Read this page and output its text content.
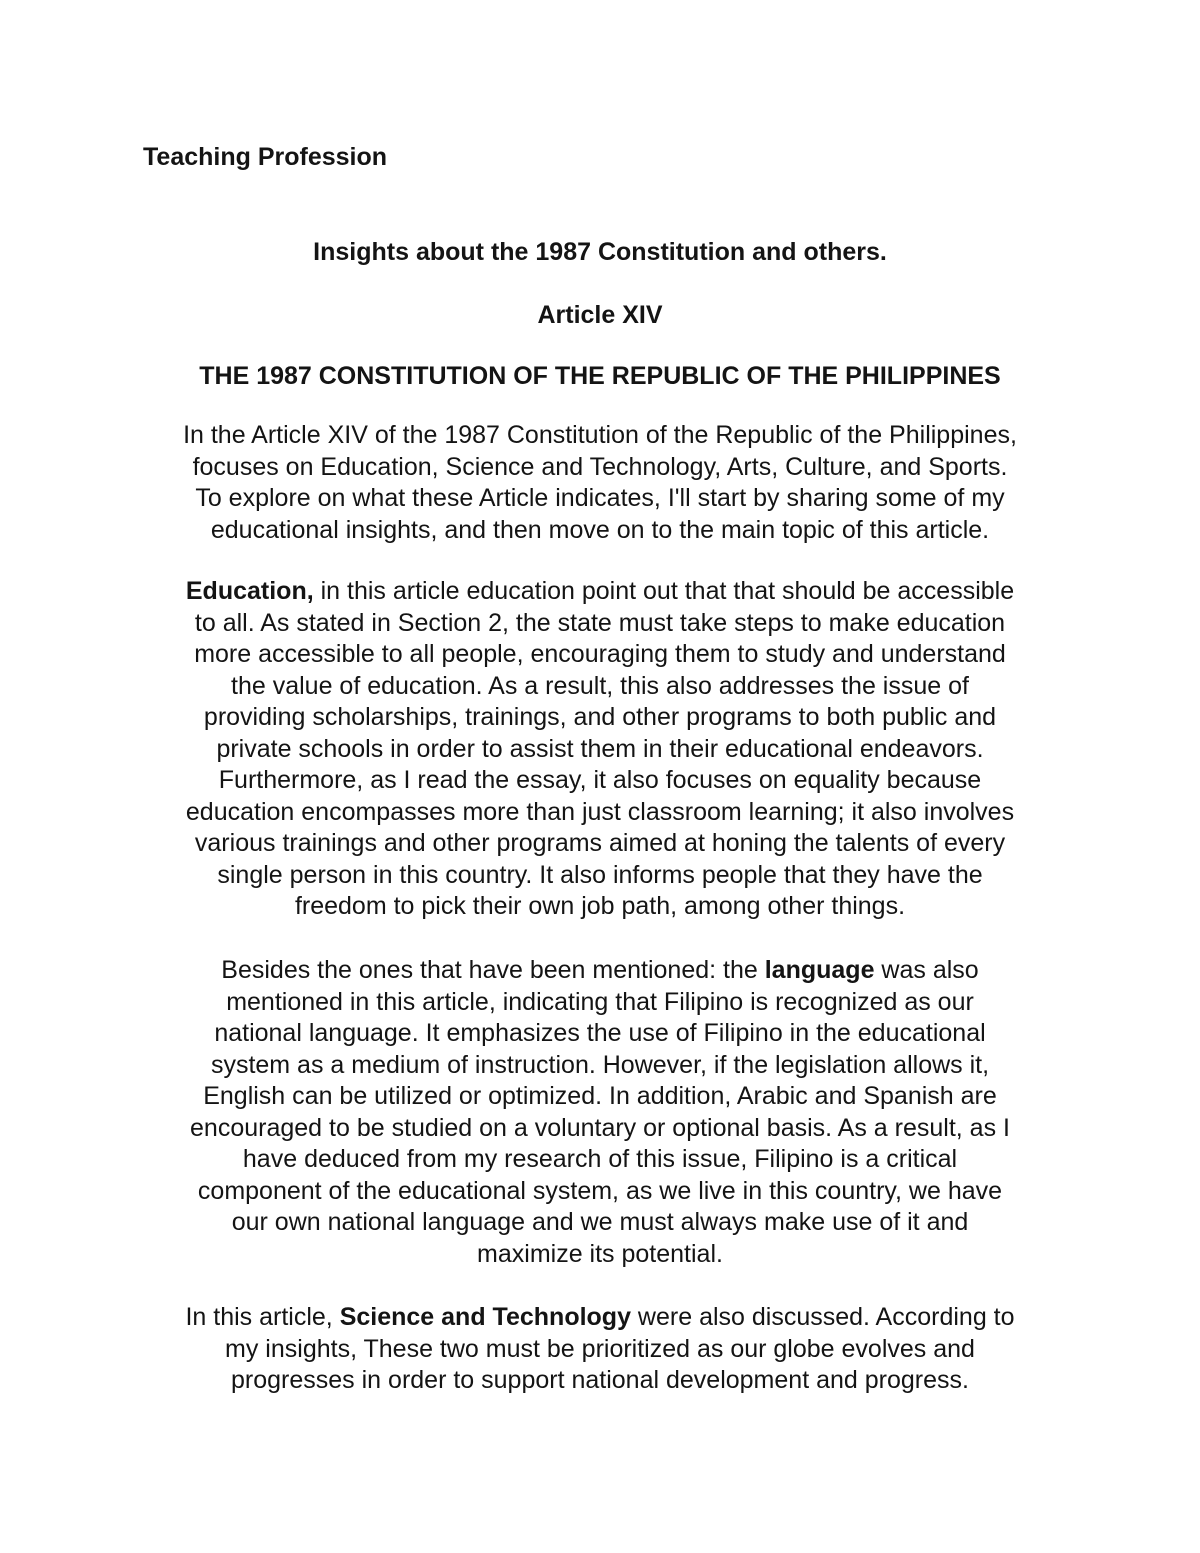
Teaching Profession
Insights about the 1987 Constitution and others.
Article XIV
THE 1987 CONSTITUTION OF THE REPUBLIC OF THE PHILIPPINES

In the Article XIV of the 1987 Constitution of the Republic of the Philippines,
focuses on Education, Science and Technology, Arts, Culture, and Sports.
To explore on what these Article indicates, I'll start by sharing some of my
educational insights, and then move on to the main topic of this article.

Education, in this article education point out that that should be accessible
to all. As stated in Section 2, the state must take steps to make education
more accessible to all people, encouraging them to study and understand
the value of education. As a result, this also addresses the issue of
providing scholarships, trainings, and other programs to both public and
private schools in order to assist them in their educational endeavors.
Furthermore, as I read the essay, it also focuses on equality because
education encompasses more than just classroom learning; it also involves
various trainings and other programs aimed at honing the talents of every
single person in this country. It also informs people that they have the
freedom to pick their own job path, among other things.

Besides the ones that have been mentioned: the language was also
mentioned in this article, indicating that Filipino is recognized as our
national language. It emphasizes the use of Filipino in the educational
system as a medium of instruction. However, if the legislation allows it,
English can be utilized or optimized. In addition, Arabic and Spanish are
encouraged to be studied on a voluntary or optional basis. As a result, as I
have deduced from my research of this issue, Filipino is a critical
component of the educational system, as we live in this country, we have
our own national language and we must always make use of it and
maximize its potential.

In this article, Science and Technology were also discussed. According to
my insights, These two must be prioritized as our globe evolves and
progresses in order to support national development and progress.
